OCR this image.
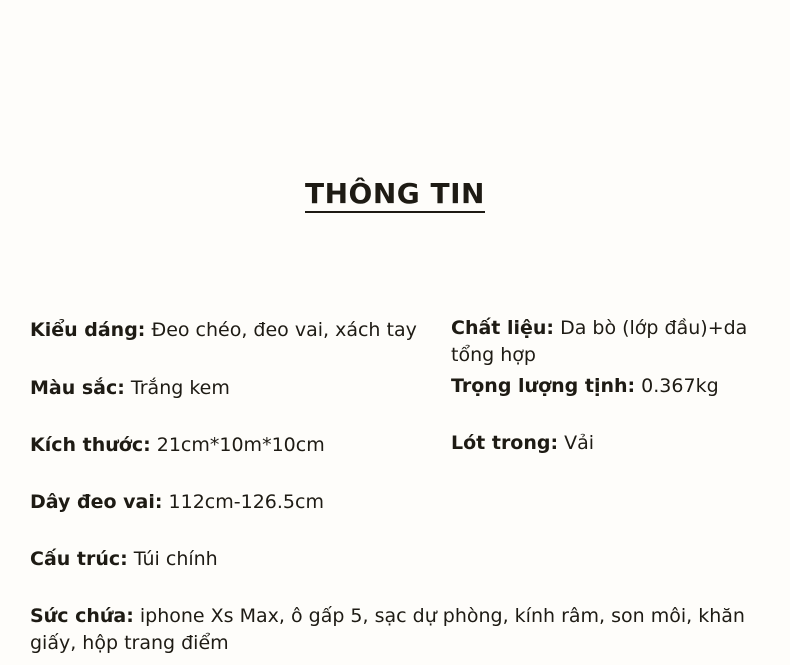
THÔNG TIN
Kiểu dáng: Đeo chéo, đeo vai, xách tay
Màu sắc: Trắng kem
Kích thước: 21cm*10m*10cm
Dây đeo vai: 112cm-126.5cm
Cấu trúc: Túi chính
Chất liệu: Da bò (lớp đầu)+da tổng hợp
Trọng lượng tịnh: 0.367kg
Lót trong: Vải
Sức chứa: iphone Xs Max, ô gấp 5, sạc dự phòng, kính râm, son môi, khăn giấy, hộp trang điểm
